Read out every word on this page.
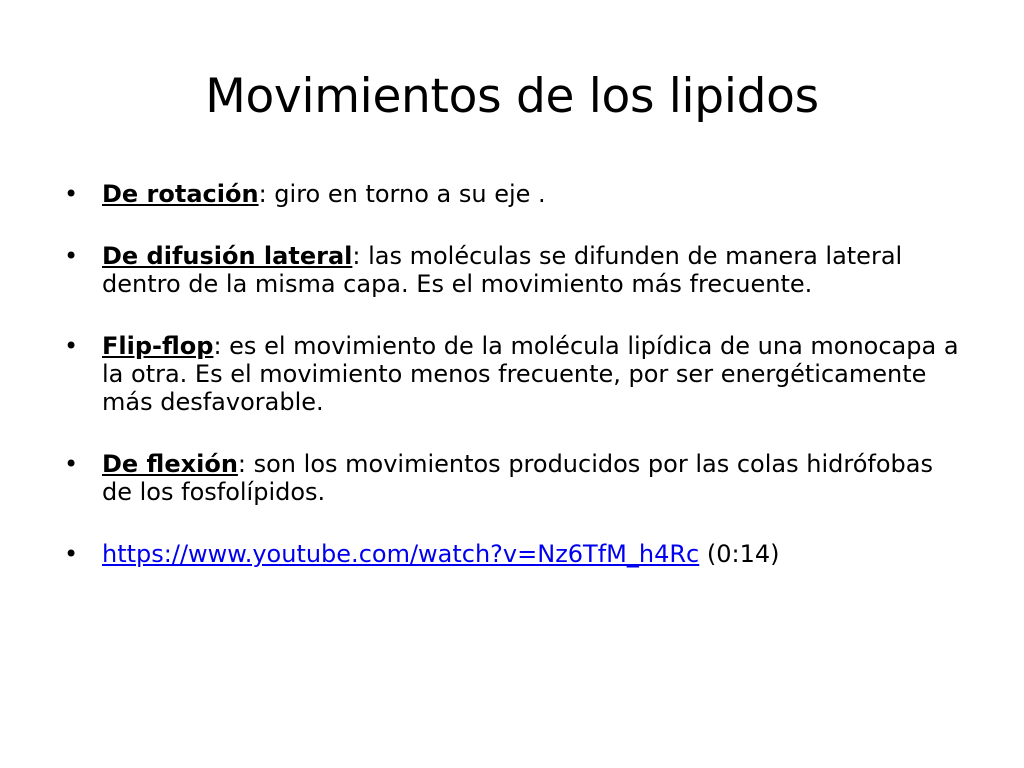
Movimientos de los lipidos
• De rotación: giro en torno a su eje .
• De difusión lateral: las moléculas se difunden de manera lateral dentro de la misma capa. Es el movimiento más frecuente.
• Flip-flop: es el movimiento de la molécula lipídica de una monocapa a la otra. Es el movimiento menos frecuente, por ser energéticamente más desfavorable.
• De flexión: son los movimientos producidos por las colas hidrófobas de los fosfolípidos.
• https://www.youtube.com/watch?v=Nz6TfM_h4Rc (0:14)
